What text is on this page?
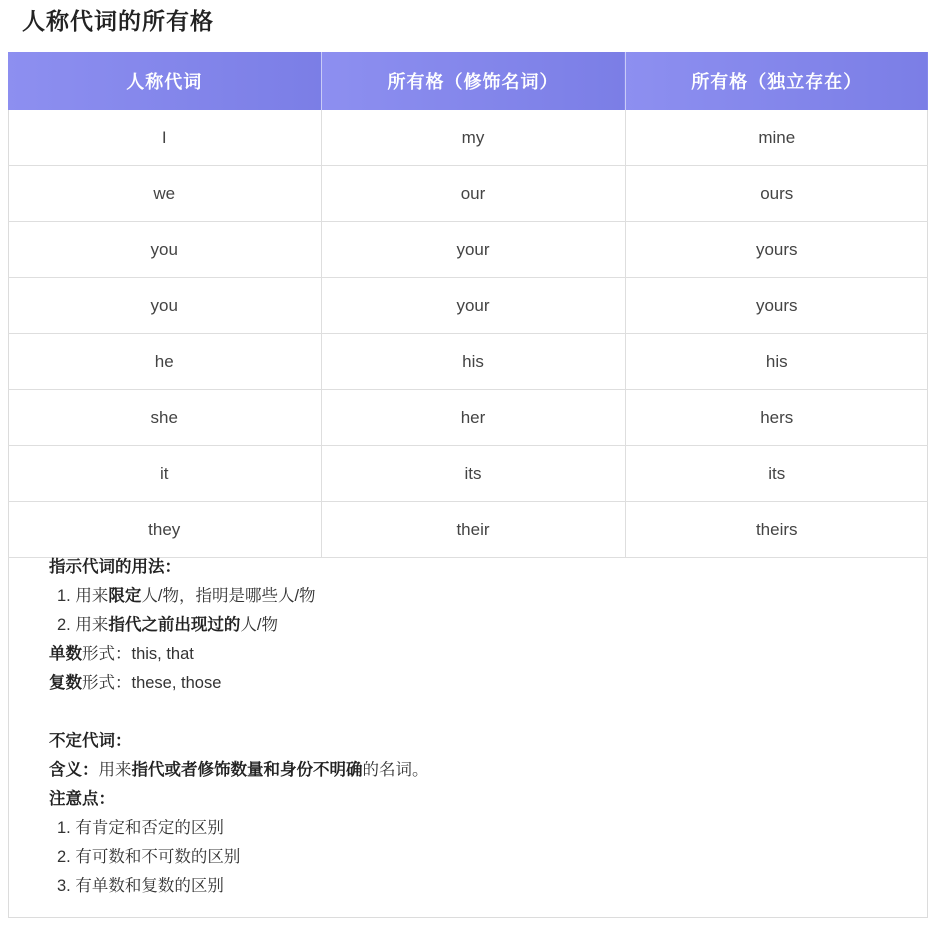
人称代词的所有格
人称代词	所有格（修饰名词）	所有格（独立存在）
I	my	mine
we	our	ours
you	your	yours
you	your	yours
he	his	his
she	her	hers
it	its	its
they	their	theirs
指示代词的用法：
1. 用来限定人/物，指明是哪些人/物
2. 用来指代之前出现过的人/物
单数形式：this, that
复数形式：these, those
不定代词：
含义：用来指代或者修饰数量和身份不明确的名词。
注意点：
1. 有肯定和否定的区别
2. 有可数和不可数的区别
3. 有单数和复数的区别
